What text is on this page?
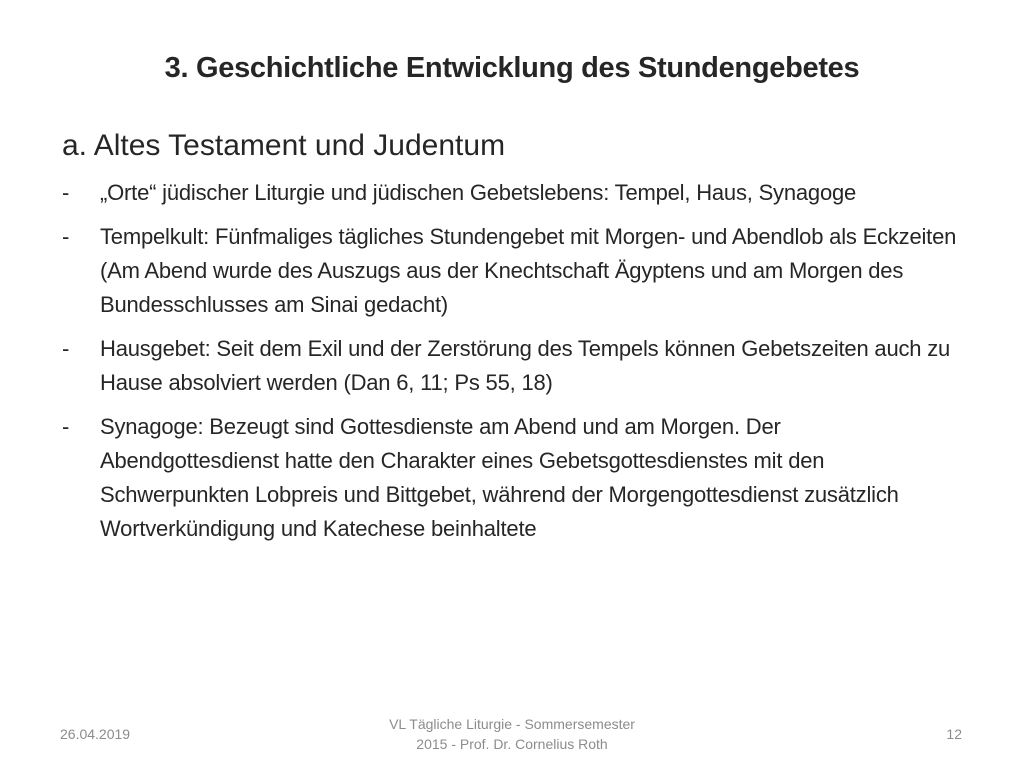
3. Geschichtliche Entwicklung des Stundengebetes
a. Altes Testament und Judentum
- „Orte“ jüdischer Liturgie und jüdischen Gebetslebens: Tempel, Haus, Synagoge
- Tempelkult: Fünfmaliges tägliches Stundengebet mit Morgen- und Abendlob als Eckzeiten (Am Abend wurde des Auszugs aus der Knechtschaft Ägyptens und am Morgen des Bundesschlusses am Sinai gedacht)
- Hausgebet: Seit dem Exil und der Zerstörung des Tempels können Gebetszeiten auch zu Hause absolviert werden (Dan 6, 11; Ps 55, 18)
- Synagoge: Bezeugt sind Gottesdienste am Abend und am Morgen. Der Abendgottesdienst hatte den Charakter eines Gebetsgottesdienstes mit den Schwerpunkten Lobpreis und Bittgebet, während der Morgengottesdienst zusätzlich Wortverkündigung und Katechese beinhaltete
26.04.2019
VL Tägliche Liturgie - Sommersemester
2015 - Prof. Dr. Cornelius Roth
12
